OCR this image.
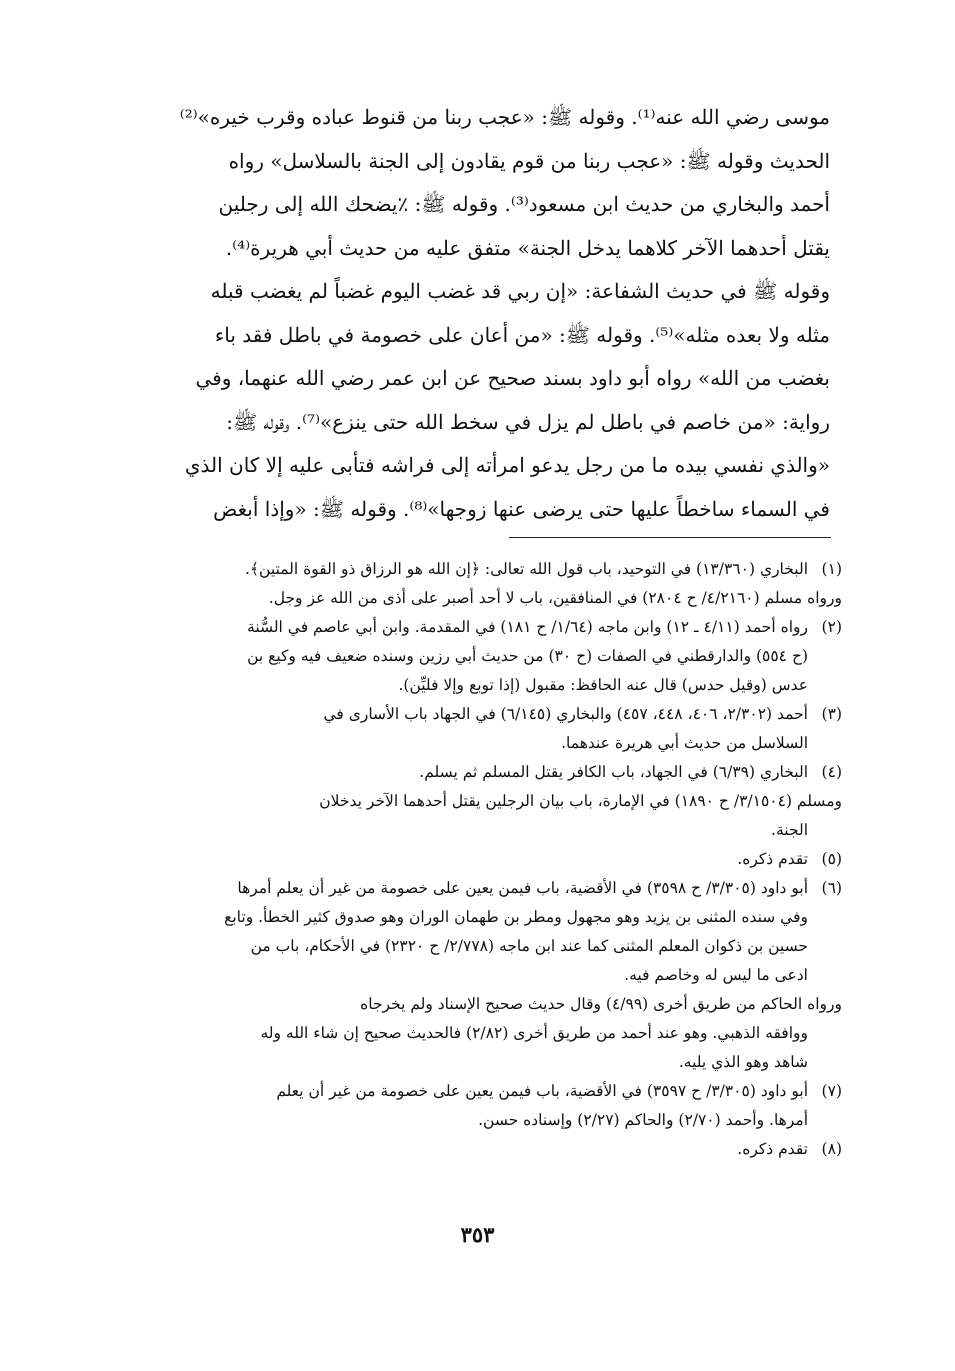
موسى رضي الله عنه⁽¹⁾. وقوله ﷺ: «عجب ربنا من قنوط عباده وقرب خيره»⁽²⁾
الحديث وقوله ﷺ: «عجب ربنا من قوم يقادون إلى الجنة بالسلاسل» رواه
أحمد والبخاري من حديث ابن مسعود⁽³⁾. وقوله ﷺ: ٪يضحك الله إلى رجلين
يقتل أحدهما الآخر كلاهما يدخل الجنة» متفق عليه من حديث أبي هريرة⁽⁴⁾.
وقوله ﷺ في حديث الشفاعة: «إن ربي قد غضب اليوم غضباً لم يغضب قبله
مثله ولا بعده مثله»⁽⁵⁾. وقوله ﷺ: «من أعان على خصومة في باطل فقد باء
بغضب من الله» رواه أبو داود بسند صحيح عن ابن عمر رضي الله عنهما، وفي
رواية: «من خاصم في باطل لم يزل في سخط الله حتى ينزع»⁽⁷⁾. وقوله ﷺ:
«والذي نفسي بيده ما من رجل يدعو امرأته إلى فراشه فتأبى عليه إلا كان الذي
في السماء ساخطاً عليها حتى يرضى عنها زوجها»⁽⁸⁾. وقوله ﷺ: «وإذا أبغض
(١)
البخاري (١٣/٣٦٠) في التوحيد، باب قول الله تعالى: ﴿إن الله هو الرزاق ذو القوة المتين﴾.
ورواه مسلم (٤/٢١٦٠/ ح ٢٨٠٤) في المنافقين، باب لا أحد أصبر على أذى من الله عز وجل.
(٢)
رواه أحمد (٤/١١ ـ ١٢) وابن ماجه (١/٦٤/ ح ١٨١) في المقدمة. وابن أبي عاصم في السُّنة
(ح ٥٥٤) والدارقطني في الصفات (ح ٣٠) من حديث أبي رزين وسنده ضعيف فيه وكيع بن
عدس (وقيل حدس) قال عنه الحافظ: مقبول (إذا توبع وإلا فليِّن).
(٣)
أحمد (٢/٣٠٢، ٤٠٦، ٤٤٨، ٤٥٧) والبخاري (٦/١٤٥) في الجهاد باب الأسارى في
السلاسل من حديث أبي هريرة عندهما.
(٤)
البخاري (٦/٣٩) في الجهاد، باب الكافر يقتل المسلم ثم يسلم.
ومسلم (٣/١٥٠٤/ ح ١٨٩٠) في الإمارة، باب بيان الرجلين يقتل أحدهما الآخر يدخلان
الجنة.
(٥)
تقدم ذكره.
(٦)
أبو داود (٣/٣٠٥/ ح ٣٥٩٨) في الأقضية، باب فيمن يعين على خصومة من غير أن يعلم أمرها
وفي سنده المثنى بن يزيد وهو مجهول ومطر بن طهمان الوران وهو صدوق كثير الخطأ. وتابع
حسين بن ذكوان المعلم المثنى كما عند ابن ماجه (٢/٧٧٨/ ح ٢٣٢٠) في الأحكام، باب من
ادعى ما ليس له وخاصم فيه.
ورواه الحاكم من طريق أخرى (٤/٩٩) وقال حديث صحيح الإسناد ولم يخرجاه
ووافقه الذهبي. وهو عند أحمد من طريق أخرى (٢/٨٢) فالحديث صحيح إن شاء الله وله
شاهد وهو الذي يليه.
(٧)
أبو داود (٣/٣٠٥/ ح ٣٥٩٧) في الأقضية، باب فيمن يعين على خصومة من غير أن يعلم
أمرها. وأحمد (٢/٧٠) والحاكم (٢/٢٧) وإسناده حسن.
(٨)
تقدم ذكره.
٣٥٣
